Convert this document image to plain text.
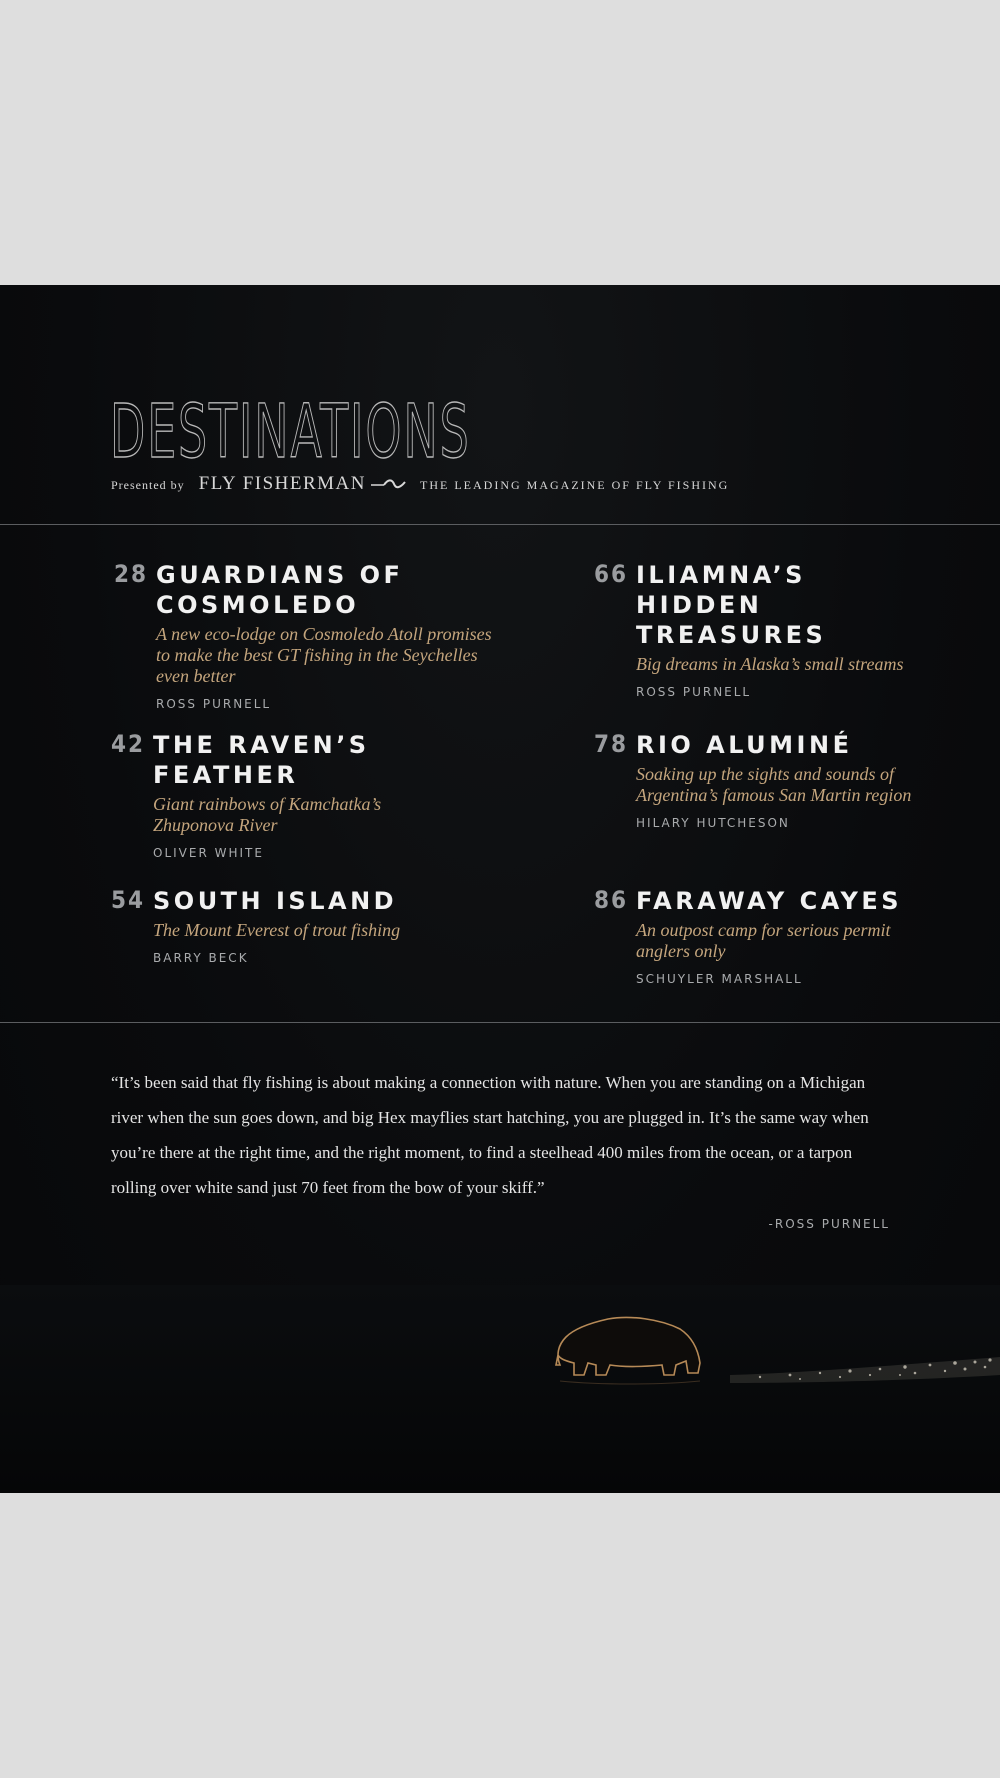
DESTINATIONS
Presented by FLY FISHERMAN	THE LEADING MAGAZINE OF FLY FISHING
28 GUARDIANS OF COSMOLEDO

A new eco-lodge on Cosmoledo Atoll promises to make the best GT fishing in the Seychelles even better

ROSS PURNELL
42 THE RAVEN’S FEATHER

Giant rainbows of Kamchatka’s Zhuponova River

OLIVER WHITE
54 SOUTH ISLAND

The Mount Everest of trout fishing

BARRY BECK
66 ILIAMNA’S HIDDEN TREASURES

Big dreams in Alaska’s small streams

ROSS PURNELL
78 RIO ALUMINÉ

Soaking up the sights and sounds of Argentina’s famous San Martin region

HILARY HUTCHESON
86 FARAWAY CAYES

An outpost camp for serious permit anglers only

SCHUYLER MARSHALL

“It’s been said that fly fishing is about making a connection with nature. When you are standing on a Michigan river when the sun goes down, and big Hex mayflies start hatching, you are plugged in. It’s the same way when you’re there at the right time, and the right moment, to find a steelhead 400 miles from the ocean, or a tarpon rolling over white sand just 70 feet from the bow of your skiff.”

-ROSS PURNELL
